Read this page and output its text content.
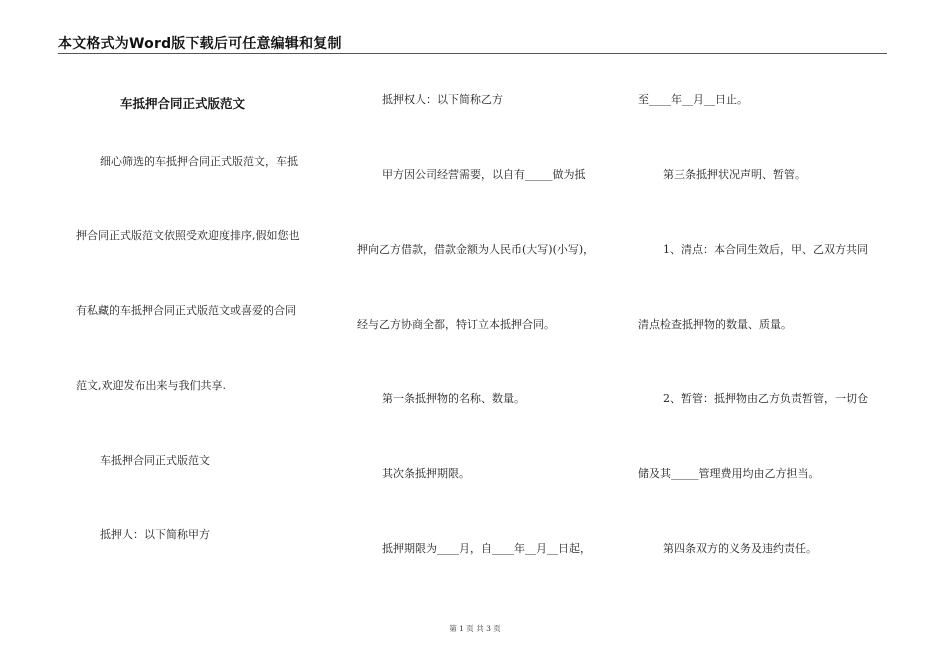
本文格式为Word版下载后可任意编辑和复制
车抵押合同正式版范文
细心筛选的车抵押合同正式版范文，车抵
押合同正式版范文依照受欢迎度排序,假如您也
有私藏的车抵押合同正式版范文或喜爱的合同
范文,欢迎发布出来与我们共享.
车抵押合同正式版范文
抵押人：以下简称甲方
抵押权人：以下简称乙方
甲方因公司经营需要，以自有_____做为抵
押向乙方借款，借款金额为人民币(大写)(小写)，
经与乙方协商全都，特订立本抵押合同。
第一条抵押物的名称、数量。
其次条抵押期限。
抵押期限为____月，自____年__月__日起，
至____年__月__日止。
第三条抵押状况声明、暂管。
1、清点：本合同生效后，甲、乙双方共同
清点检查抵押物的数量、质量。
2、暂管：抵押物由乙方负责暂管，一切仓
储及其_____管理费用均由乙方担当。
第四条双方的义务及违约责任。
第 1 页 共 3 页
